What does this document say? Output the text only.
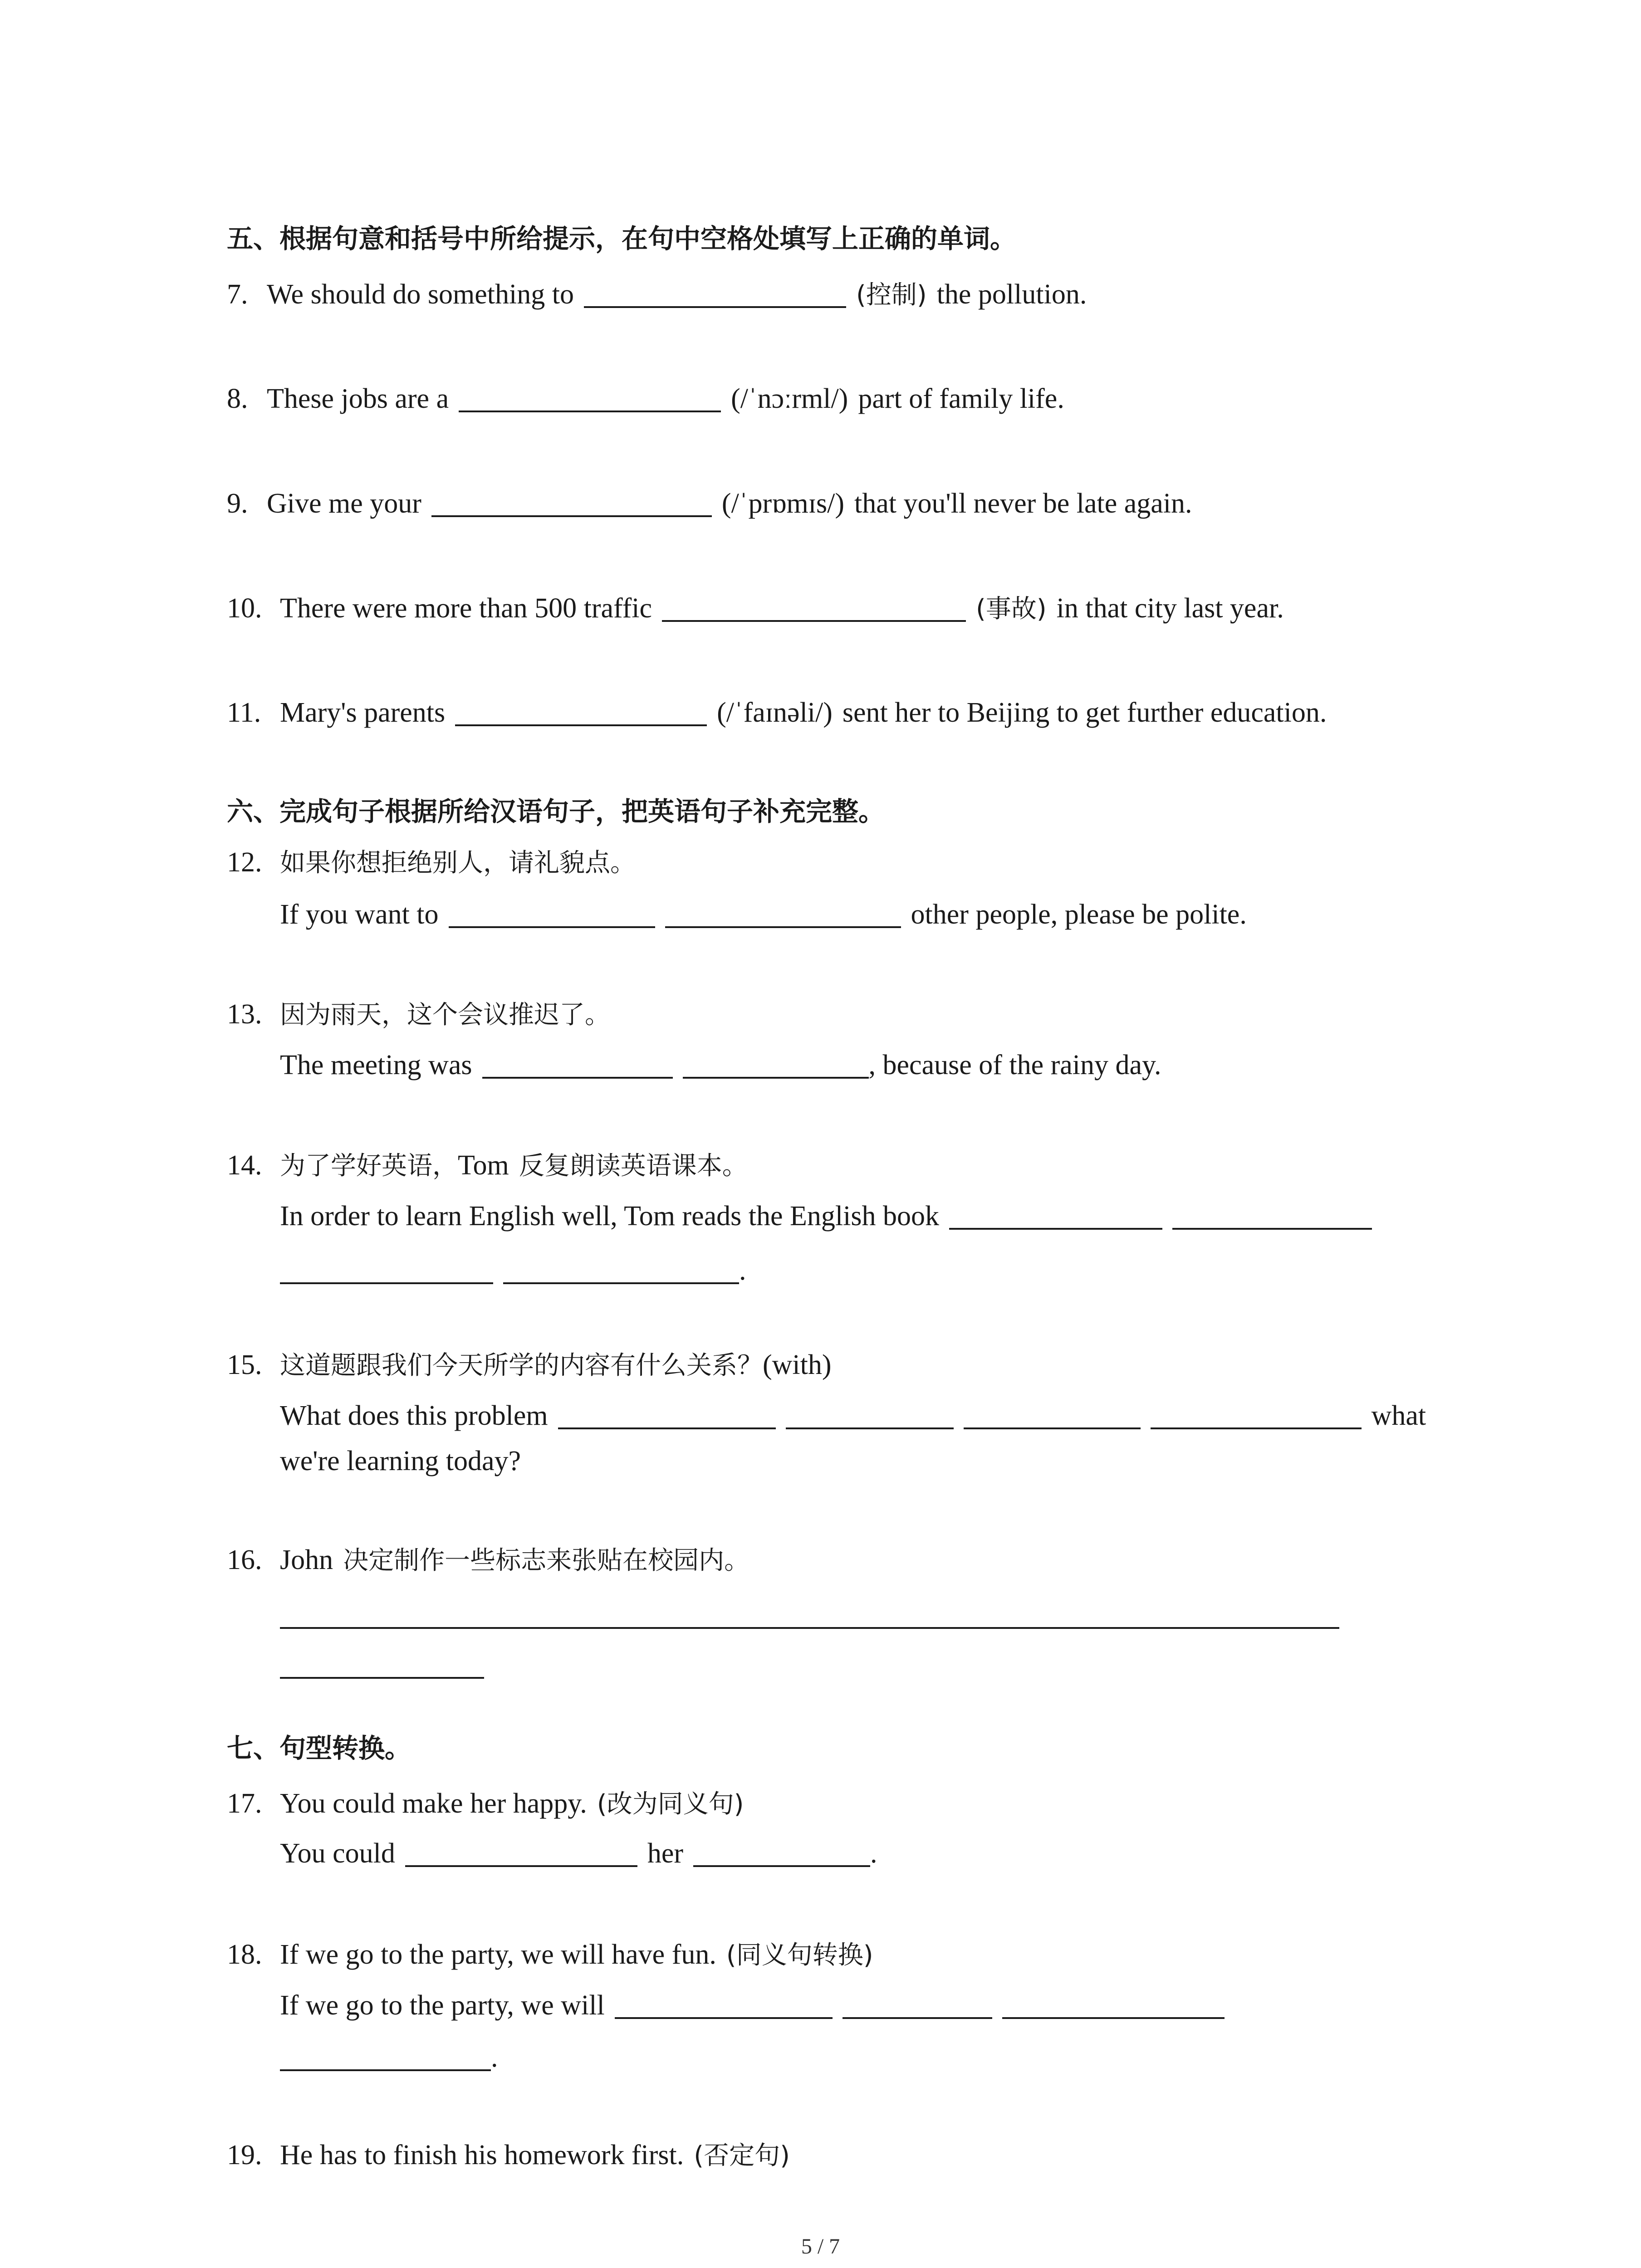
五、根据句意和括号中所给提示，在句中空格处填写上正确的单词。
7. We should do something to	(控制) the pollution.
8. These jobs are a	(/ˈnɔːrml/) part of family life.
9. Give me your	(/ˈprɒmɪs/) that you'll never be late again.
10. There were more than 500 traffic	(事故) in that city last year.
11. Mary's parents	(/ˈfaɪnəli/) sent her to Beijing to get further education.
六、完成句子根据所给汉语句子，把英语句子补充完整。
12. 如果你想拒绝别人，请礼貌点。
If you want to	other people, please be polite.
13. 因为雨天，这个会议推迟了。
The meeting was	, because of the rainy day.
14. 为了学好英语，Tom 反复朗读英语课本。
In order to learn English well, Tom reads the English book
.
15. 这道题跟我们今天所学的内容有什么关系？(with)
What does this problem	what
we're learning today?
16. John 决定制作一些标志来张贴在校园内。
七、句型转换。
17. You could make her happy. (改为同义句)
You could	her	.
18. If we go to the party, we will have fun. (同义句转换)
If we go to the party, we will
.
19. He has to finish his homework first. (否定句)
5 / 7
